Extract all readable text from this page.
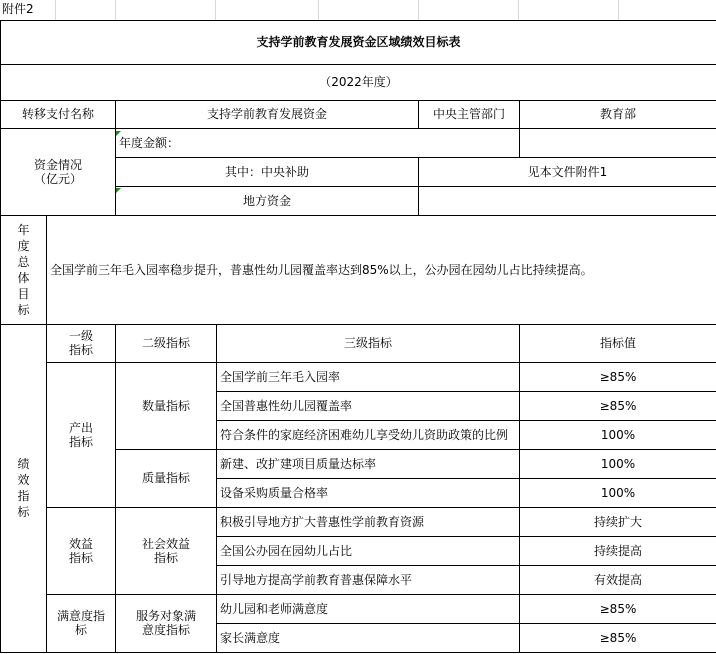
附件2

支持学前教育发展资金区域绩效目标表					
（2022年度）					
转移支付名称		支持学前教育发展资金		中央主管部门	教育部
资金情况（亿元）		年度金额：			
		其中：中央补助		见本文件附件1	
		地方资金			
年度总体目标	全国学前三年毛入园率稳步提升，普惠性幼儿园覆盖率达到85%以上，公办园在园幼儿占比持续提高。				
绩效指标	一级指标	二级指标	三级指标		指标值
	产出指标	数量指标	全国学前三年毛入园率		≥85%
			全国普惠性幼儿园覆盖率		≥85%
			符合条件的家庭经济困难幼儿享受幼儿资助政策的比例		100%
		质量指标	新建、改扩建项目质量达标率		100%
			设备采购质量合格率		100%
	效益指标	社会效益指标	积极引导地方扩大普惠性学前教育资源		持续扩大
			全国公办园在园幼儿占比		持续提高
			引导地方提高学前教育普惠保障水平		有效提高
	满意度指标	服务对象满意度指标	幼儿园和老师满意度		≥85%
			家长满意度		≥85%
